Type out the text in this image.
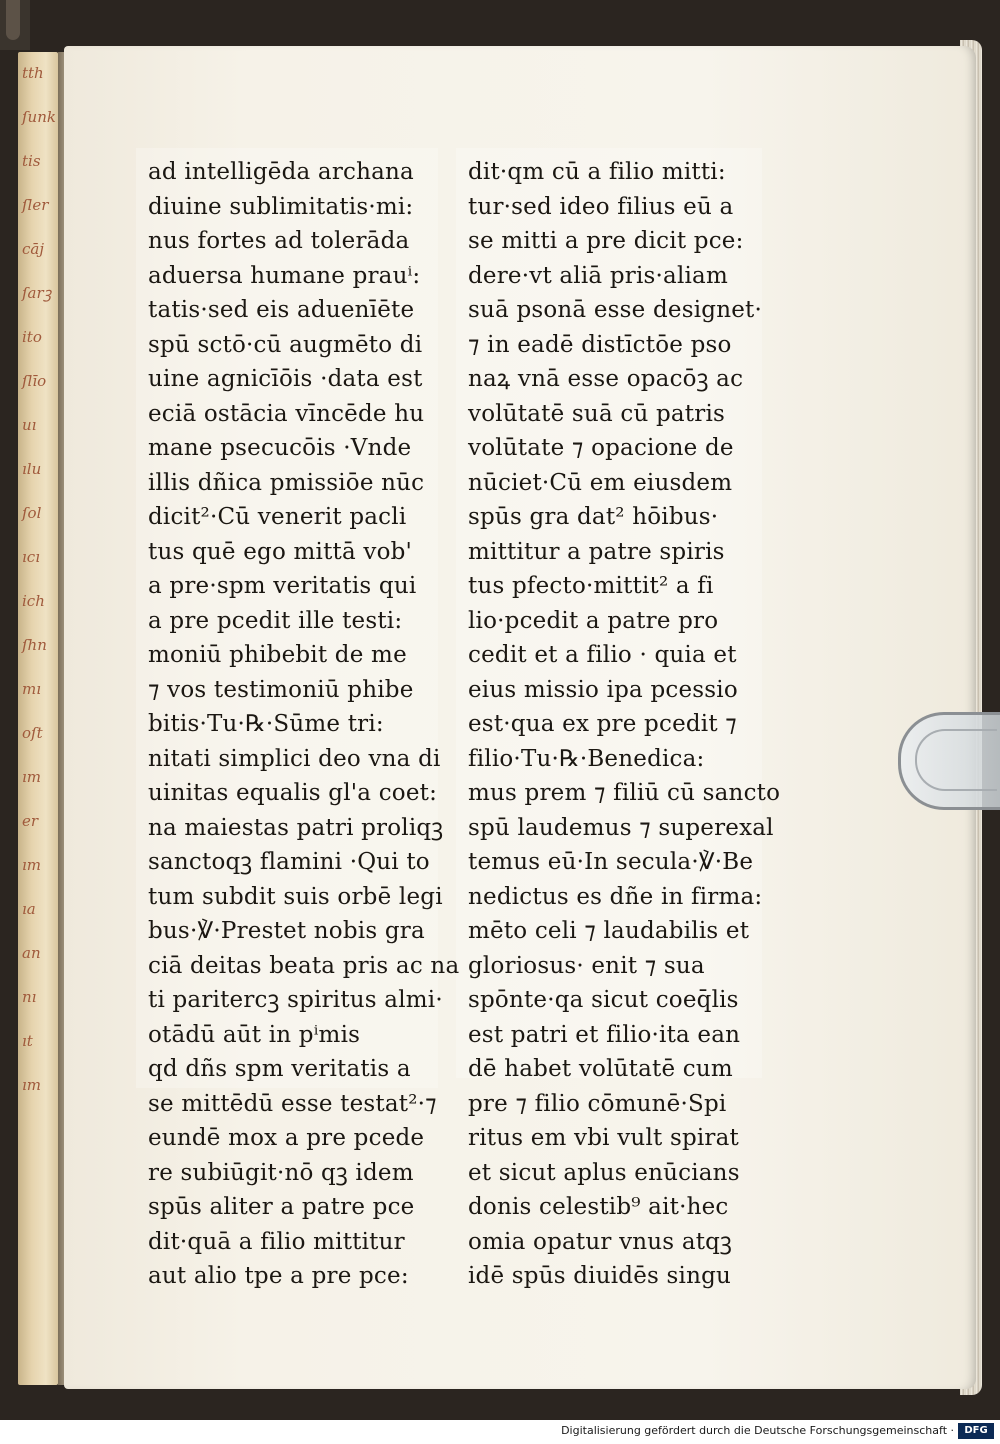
tth
ſunk
tis
ſler
cāj
ſarꝫ
ito
ſlīo
uı
ılu
ſol
ıcı
ich
ſhn
mı
oſt
ım
er
ım
ıa
an
nı
ıt
ım
ad intelligēda archana
diuine sublimitatis·mi:
nus fortes ad tolerāda
aduersa humane prauⁱ:
tatis·sed eis aduenīēte
spū sctō·cū augmēto di
uine agnicīōis ·data est
eciā ostācia vīncēde hu
mane psecucōis ·Vnde
illis dñica pmissiōe nūc
dicit²·Cū venerit pacli
tus quē ego mittā vob'
a pre·spm veritatis qui
a pre pcedit ille testi:
moniū phibebit de me
⁊ vos testimoniū phibe
bitis·Tu·℞·Sūme tri:
nitati simplici deo vna di
uinitas equalis gl'a coet:
na maiestas patri proliqꝫ
sanctoqꝫ flamini ·Qui to
tum subdit suis orbē legi
bus·℣·Prestet nobis gra
ciā deitas beata pris ac na
ti paritercꝫ spiritus almi·
otādū aūt in pⁱmis
qd dñs spm veritatis a
se mittēdū esse testat²·⁊
eundē mox a pre pcede
re subiūgit·nō qꝫ idem
spūs aliter a patre pce
dit·quā a filio mittitur
aut alio tpe a pre pce:
dit·qm cū a filio mitti:
tur·sed ideo filius eū a
se mitti a pre dicit pce:
dere·vt aliā pris·aliam
suā psonā esse designet·
⁊ in eadē distīctōe pso
naꝝ vnā esse opacōꝫ ac
volūtatē suā cū patris
volūtate ⁊ opacione de
nūciet·Cū em eiusdem
spūs gra dat² hōibus·
mittitur a patre spiris
tus pfecto·mittit² a fi
lio·pcedit a patre pro
cedit et a filio · quia et
eius missio ipa pcessio
est·qua ex pre pcedit ⁊
filio·Tu·℞·Benedica:
mus prem ⁊ filiū cū sancto
spū laudemus ⁊ superexal
temus eū·In secula·℣·Be
nedictus es dñe in firma:
mēto celi ⁊ laudabilis et
gloriosus· enit ⁊ sua
spōnte·qa sicut coeq̄lis
est patri et filio·ita ean
dē habet volūtatē cum
pre ⁊ filio cōmunē·Spi
ritus em vbi vult spirat
et sicut aplus enūcians
donis celestib⁹ ait·hec
omia opatur vnus atqꝫ
idē spūs diuidēs singu
Digitalisierung gefördert durch die Deutsche Forschungsgemeinschaft ·	DFG
